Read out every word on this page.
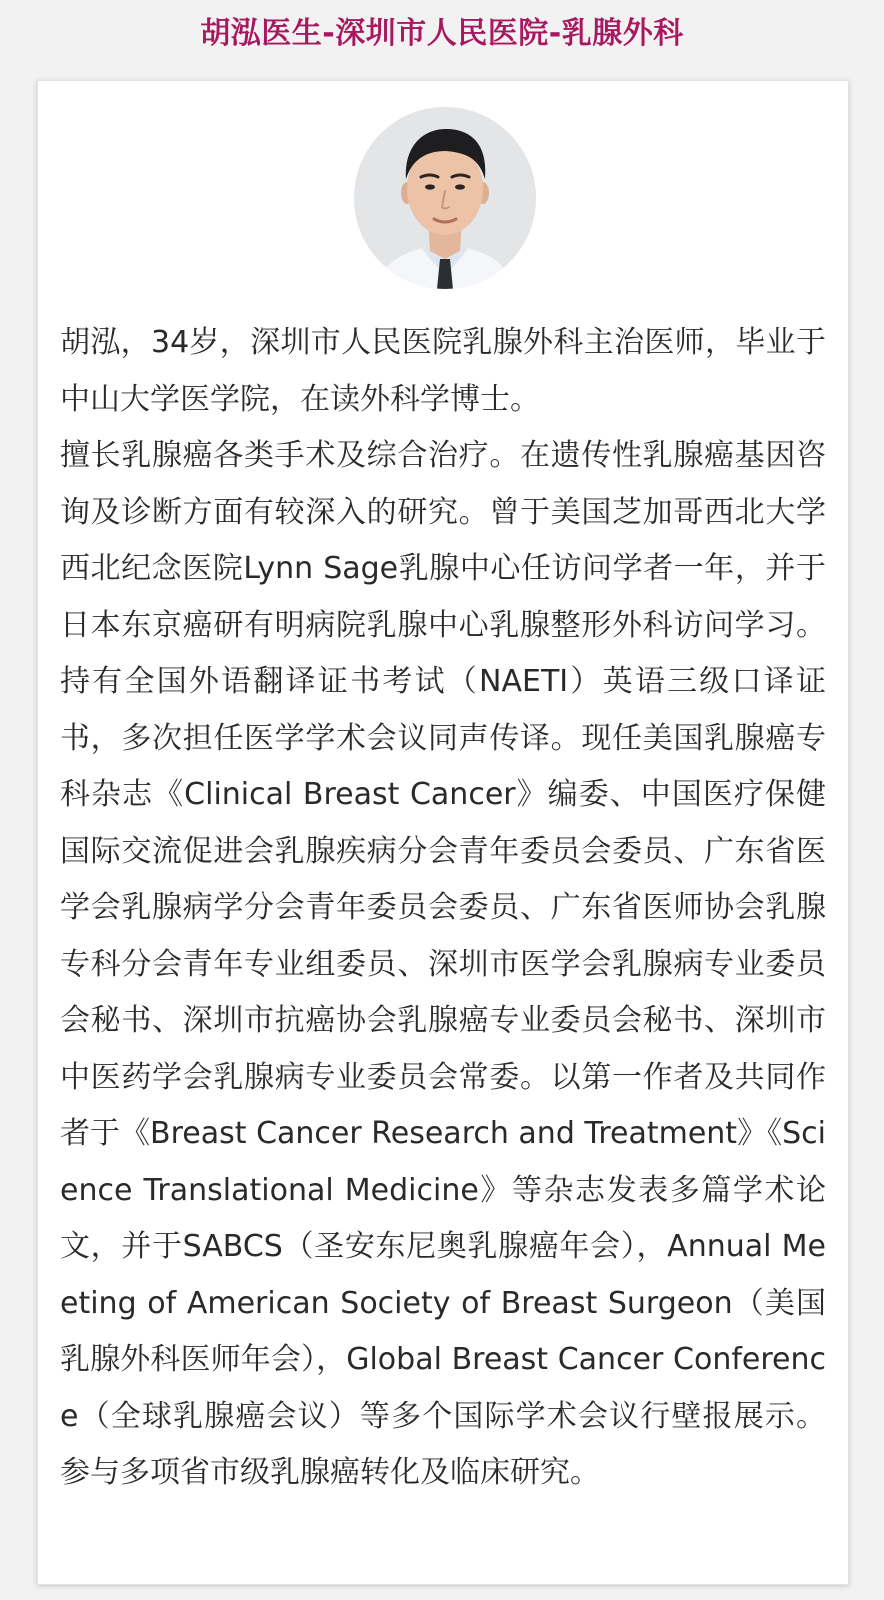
胡泓医生-深圳市人民医院-乳腺外科

胡泓，34岁，深圳市人民医院乳腺外科主治医师，毕业于中山大学医学院，在读外科学博士。

擅长乳腺癌各类手术及综合治疗。在遗传性乳腺癌基因咨询及诊断方面有较深入的研究。曾于美国芝加哥西北大学西北纪念医院Lynn Sage乳腺中心任访问学者一年，并于日本东京癌研有明病院乳腺中心乳腺整形外科访问学习。持有全国外语翻译证书考试（NAETI）英语三级口译证书，多次担任医学学术会议同声传译。现任美国乳腺癌专科杂志《Clinical Breast Cancer》编委、中国医疗保健国际交流促进会乳腺疾病分会青年委员会委员、广东省医学会乳腺病学分会青年委员会委员、广东省医师协会乳腺专科分会青年专业组委员、深圳市医学会乳腺病专业委员会秘书、深圳市抗癌协会乳腺癌专业委员会秘书、深圳市中医药学会乳腺病专业委员会常委。以第一作者及共同作者于《Breast Cancer Research and Treatment》《Science Translational Medicine》等杂志发表多篇学术论文，并于SABCS（圣安东尼奥乳腺癌年会），Annual Meeting of American Society of Breast Surgeon（美国乳腺外科医师年会），Global Breast Cancer Conference（全球乳腺癌会议）等多个国际学术会议行壁报展示。参与多项省市级乳腺癌转化及临床研究。
